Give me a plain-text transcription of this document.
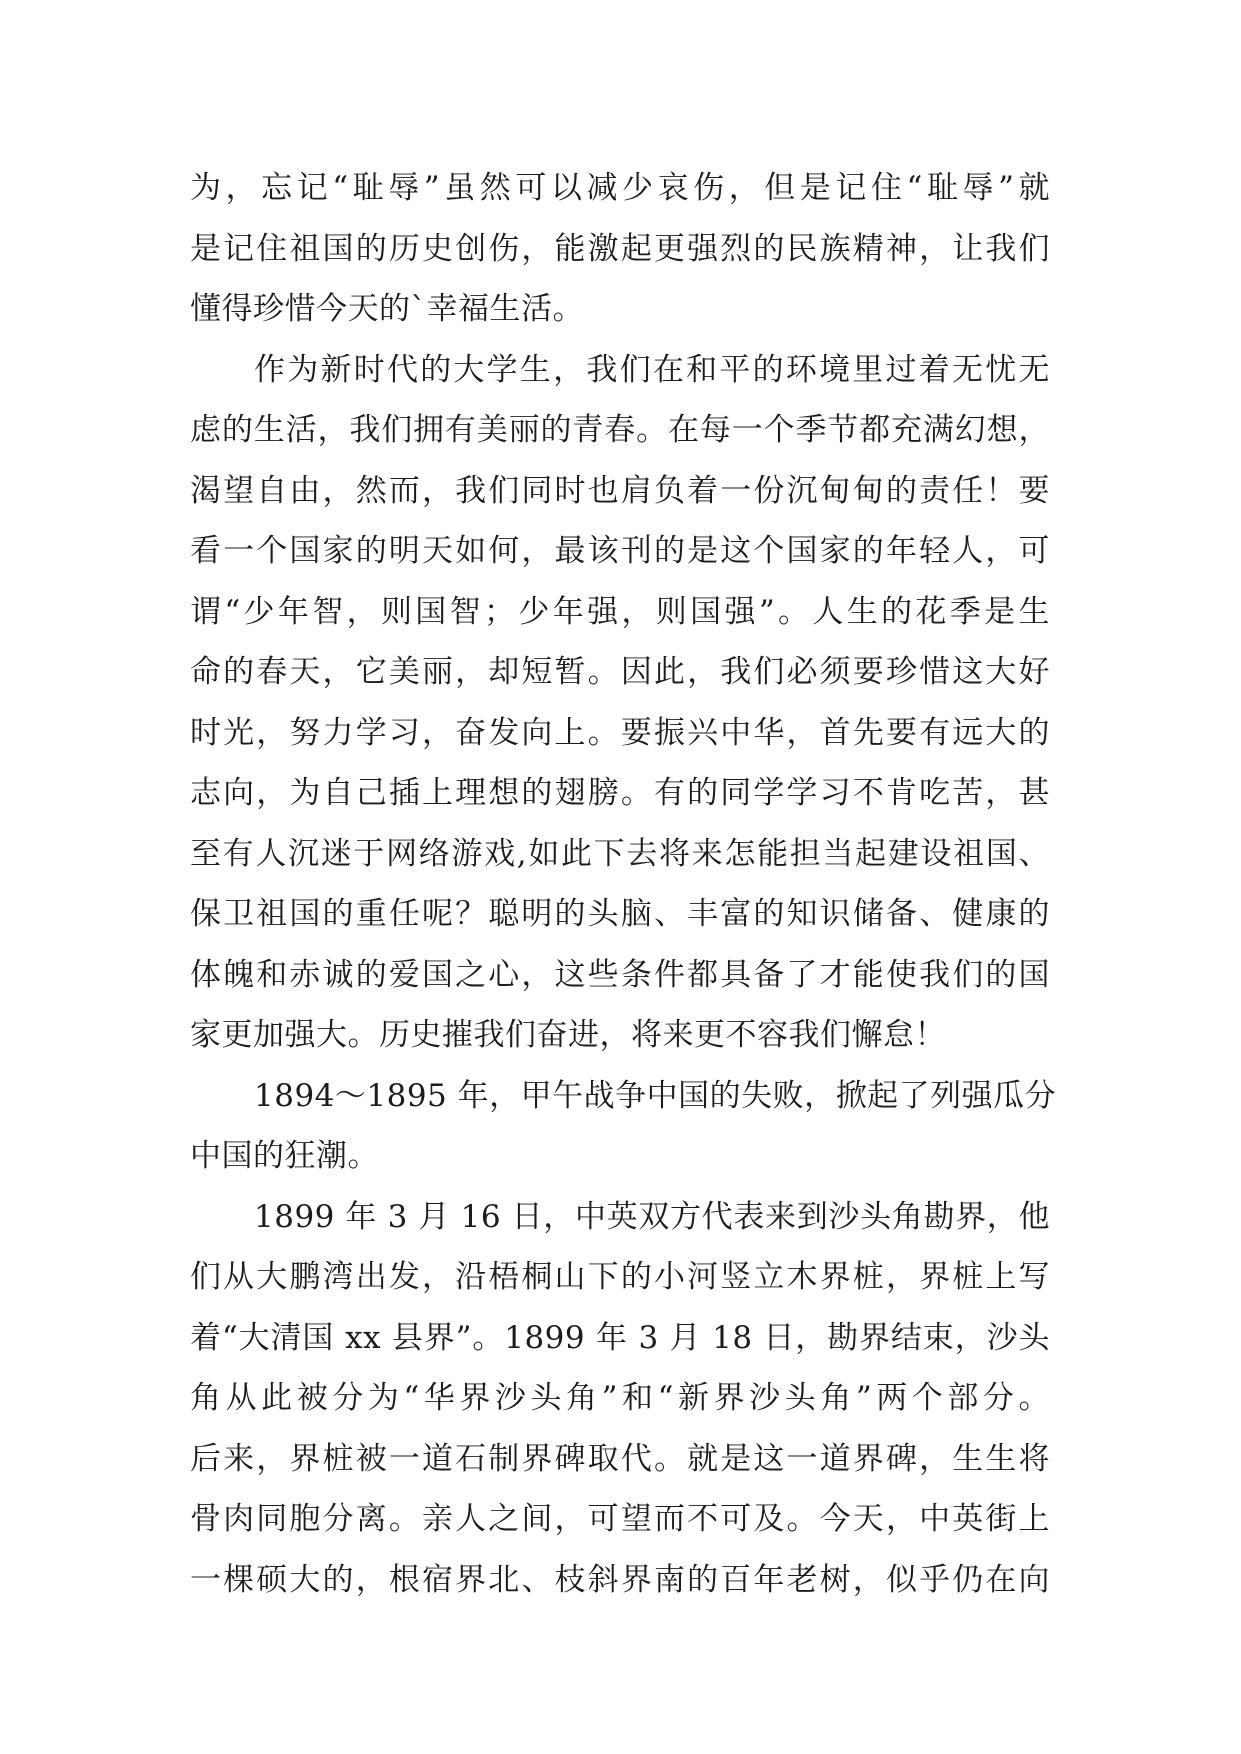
为，忘记“耻辱”虽然可以减少哀伤，但是记住“耻辱”就
是记住祖国的历史创伤，能激起更强烈的民族精神，让我们
懂得珍惜今天的`幸福生活。
作为新时代的大学生，我们在和平的环境里过着无忧无
虑的生活，我们拥有美丽的青春。在每一个季节都充满幻想，
渴望自由，然而，我们同时也肩负着一份沉甸甸的责任！要
看一个国家的明天如何，最该刊的是这个国家的年轻人，可
谓“少年智，则国智；少年强，则国强”。人生的花季是生
命的春天，它美丽，却短暂。因此，我们必须要珍惜这大好
时光，努力学习，奋发向上。要振兴中华，首先要有远大的
志向，为自己插上理想的翅膀。有的同学学习不肯吃苦，甚
至有人沉迷于网络游戏,如此下去将来怎能担当起建设祖国、
保卫祖国的重任呢？聪明的头脑、丰富的知识储备、健康的
体魄和赤诚的爱国之心，这些条件都具备了才能使我们的国
家更加强大。历史摧我们奋进，将来更不容我们懈怠！
1894～1895 年，甲午战争中国的失败，掀起了列强瓜分
中国的狂潮。
1899 年 3 月 16 日，中英双方代表来到沙头角勘界，他
们从大鹏湾出发，沿梧桐山下的小河竖立木界桩，界桩上写
着“大清国 xx 县界”。1899 年 3 月 18 日，勘界结束，沙头
角从此被分为“华界沙头角”和“新界沙头角”两个部分。
后来，界桩被一道石制界碑取代。就是这一道界碑，生生将
骨肉同胞分离。亲人之间，可望而不可及。今天，中英街上
一棵硕大的，根宿界北、枝斜界南的百年老树，似乎仍在向
